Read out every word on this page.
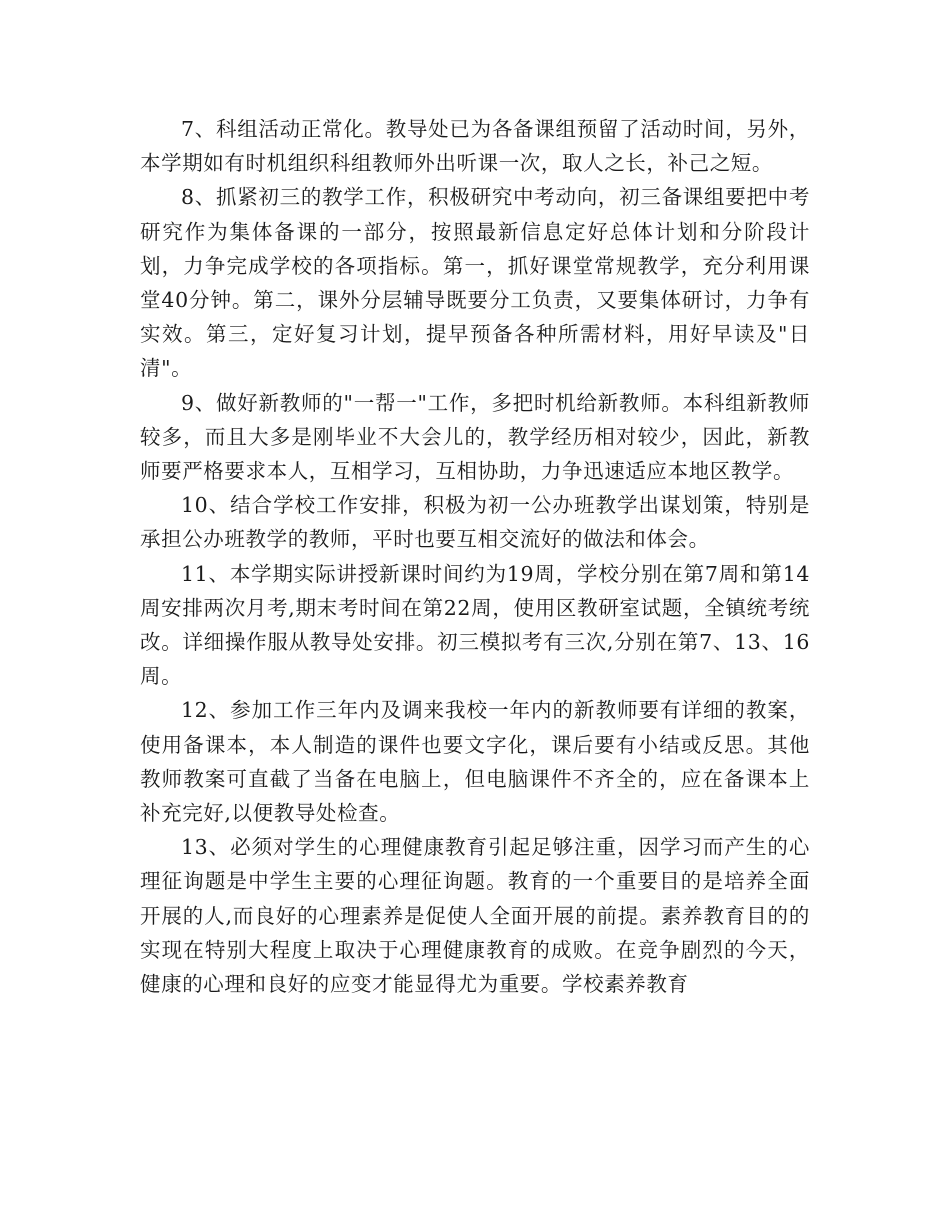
7、科组活动正常化。教导处已为各备课组预留了活动时间，另外，本学期如有时机组织科组教师外出听课一次，取人之长，补己之短。

8、抓紧初三的教学工作，积极研究中考动向，初三备课组要把中考研究作为集体备课的一部分，按照最新信息定好总体计划和分阶段计划，力争完成学校的各项指标。第一，抓好课堂常规教学，充分利用课堂40分钟。第二，课外分层辅导既要分工负责，又要集体研讨，力争有实效。第三，定好复习计划，提早预备各种所需材料，用好早读及"日清"。

9、做好新教师的"一帮一"工作，多把时机给新教师。本科组新教师较多，而且大多是刚毕业不大会儿的，教学经历相对较少，因此，新教师要严格要求本人，互相学习，互相协助，力争迅速适应本地区教学。

10、结合学校工作安排，积极为初一公办班教学出谋划策，特别是承担公办班教学的教师，平时也要互相交流好的做法和体会。

11、本学期实际讲授新课时间约为19周，学校分别在第7周和第14周安排两次月考,期末考时间在第22周，使用区教研室试题，全镇统考统改。详细操作服从教导处安排。初三模拟考有三次,分别在第7、13、16周。

12、参加工作三年内及调来我校一年内的新教师要有详细的教案，使用备课本，本人制造的课件也要文字化，课后要有小结或反思。其他教师教案可直截了当备在电脑上，但电脑课件不齐全的，应在备课本上补充完好,以便教导处检查。

13、必须对学生的心理健康教育引起足够注重，因学习而产生的心理征询题是中学生主要的心理征询题。教育的一个重要目的是培养全面开展的人,而良好的心理素养是促使人全面开展的前提。素养教育目的的实现在特别大程度上取决于心理健康教育的成败。在竞争剧烈的今天，健康的心理和良好的应变才能显得尤为重要。学校素养教育
